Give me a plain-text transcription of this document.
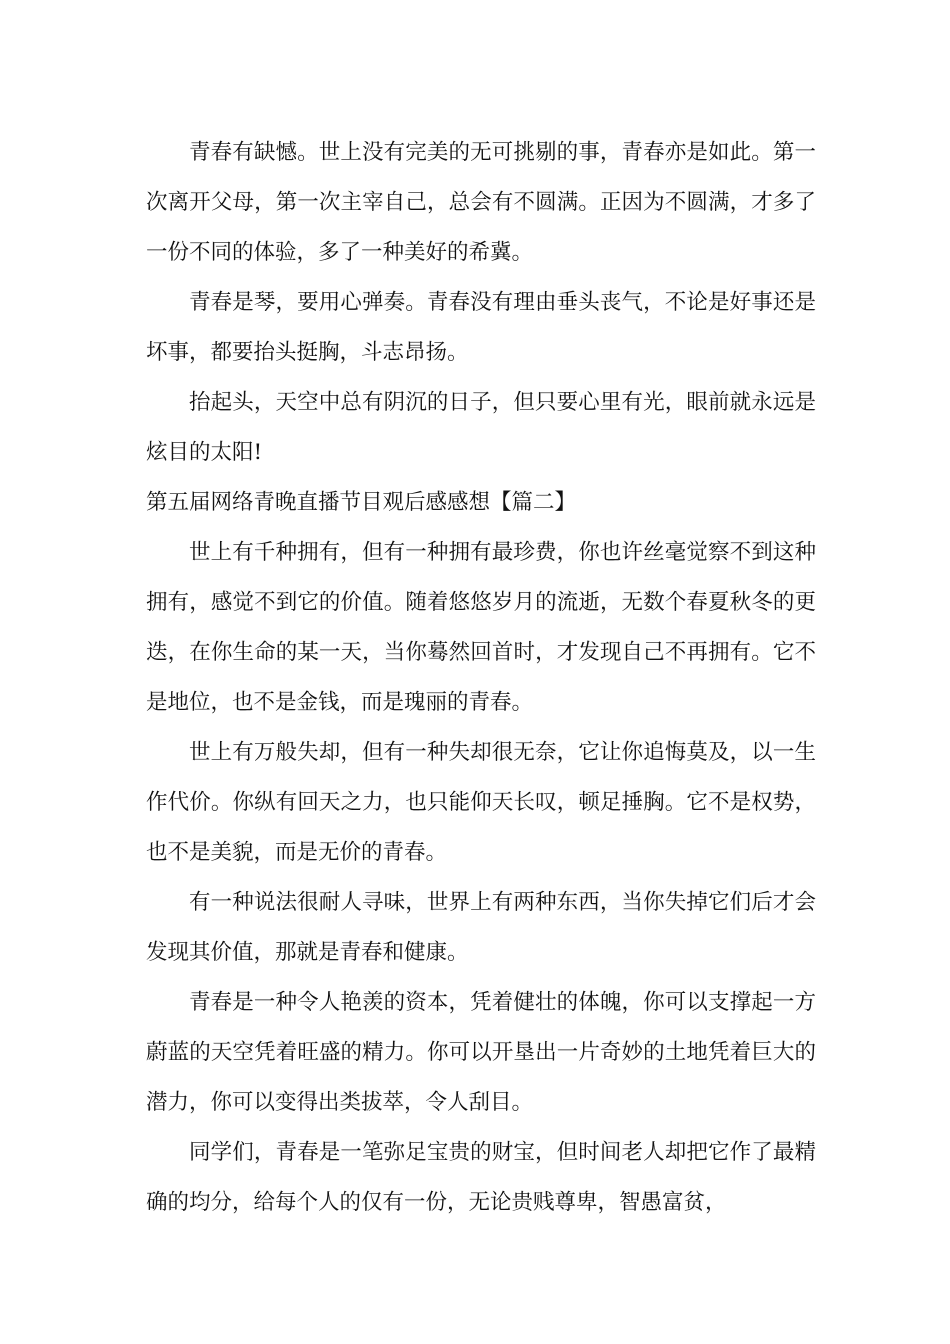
青春有缺憾。世上没有完美的无可挑剔的事，青春亦是如此。第一次离开父母，第一次主宰自己，总会有不圆满。正因为不圆满，才多了一份不同的体验，多了一种美好的希冀。

青春是琴，要用心弹奏。青春没有理由垂头丧气，不论是好事还是坏事，都要抬头挺胸，斗志昂扬。

抬起头，天空中总有阴沉的日子，但只要心里有光，眼前就永远是炫目的太阳!

第五届网络青晚直播节目观后感感想【篇二】

世上有千种拥有，但有一种拥有最珍费，你也许丝毫觉察不到这种拥有，感觉不到它的价值。随着悠悠岁月的流逝，无数个春夏秋冬的更迭，在你生命的某一天，当你蓦然回首时，才发现自己不再拥有。它不是地位，也不是金钱，而是瑰丽的青春。

世上有万般失却，但有一种失却很无奈，它让你追悔莫及，以一生作代价。你纵有回天之力，也只能仰天长叹，顿足捶胸。它不是权势，也不是美貌，而是无价的青春。

有一种说法很耐人寻味，世界上有两种东西，当你失掉它们后才会发现其价值，那就是青春和健康。

青春是一种令人艳羡的资本，凭着健壮的体魄，你可以支撑起一方蔚蓝的天空凭着旺盛的精力。你可以开垦出一片奇妙的土地凭着巨大的潜力，你可以变得出类拔萃，令人刮目。

同学们，青春是一笔弥足宝贵的财宝，但时间老人却把它作了最精确的均分，给每个人的仅有一份，无论贵贱尊卑，智愚富贫，
